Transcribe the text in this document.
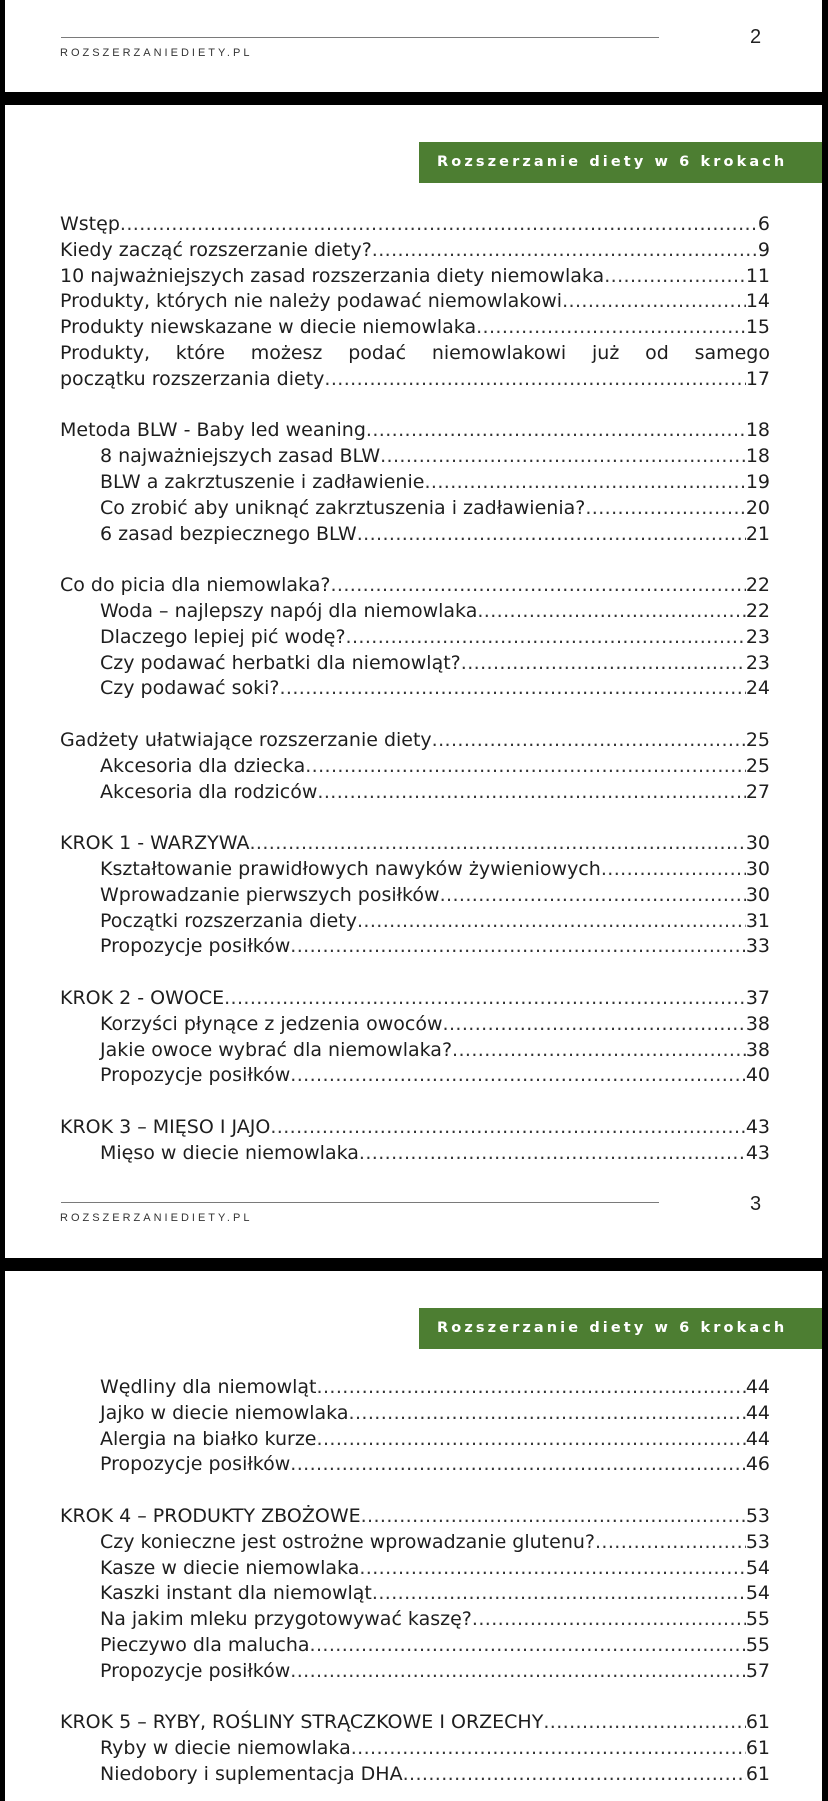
ROZSZERZANIEDIETY.PL
2
Rozszerzanie diety w 6 krokach
Wstęp .....	6
Kiedy zacząć rozszerzanie diety? .....	9
10 najważniejszych zasad rozszerzania diety niemowlaka .....	11
Produkty, których nie należy podawać niemowlakowi .....	14
Produkty niewskazane w diecie niemowlaka .....	15
Produkty, które możesz podać niemowlakowi już od samego
początku rozszerzania diety .....	17
Metoda BLW - Baby led weaning .....	18
8 najważniejszych zasad BLW .....	18
BLW a zakrztuszenie i zadławienie .....	19
Co zrobić aby uniknąć zakrztuszenia i zadławienia? .....	20
6 zasad bezpiecznego BLW .....	21
Co do picia dla niemowlaka? .....	22
Woda – najlepszy napój dla niemowlaka .....	22
Dlaczego lepiej pić wodę? .....	23
Czy podawać herbatki dla niemowląt? .....	23
Czy podawać soki? .....	24
Gadżety ułatwiające rozszerzanie diety .....	25
Akcesoria dla dziecka .....	25
Akcesoria dla rodziców .....	27
KROK 1 - WARZYWA .....	30
Kształtowanie prawidłowych nawyków żywieniowych .....	30
Wprowadzanie pierwszych posiłków .....	30
Początki rozszerzania diety .....	31
Propozycje posiłków .....	33
KROK 2 - OWOCE .....	37
Korzyści płynące z jedzenia owoców .....	38
Jakie owoce wybrać dla niemowlaka? .....	38
Propozycje posiłków .....	40
KROK 3 – MIĘSO I JAJO .....	43
Mięso w diecie niemowlaka .....	43
ROZSZERZANIEDIETY.PL
3
Rozszerzanie diety w 6 krokach
Wędliny dla niemowląt .....	44
Jajko w diecie niemowlaka .....	44
Alergia na białko kurze .....	44
Propozycje posiłków .....	46
KROK 4 – PRODUKTY ZBOŻOWE .....	53
Czy konieczne jest ostrożne wprowadzanie glutenu? .....	53
Kasze w diecie niemowlaka .....	54
Kaszki instant dla niemowląt .....	54
Na jakim mleku przygotowywać kaszę? .....	55
Pieczywo dla malucha .....	55
Propozycje posiłków .....	57
KROK 5 – RYBY, ROŚLINY STRĄCZKOWE I ORZECHY .....	61
Ryby w diecie niemowlaka .....	61
Niedobory i suplementacja DHA .....	61
